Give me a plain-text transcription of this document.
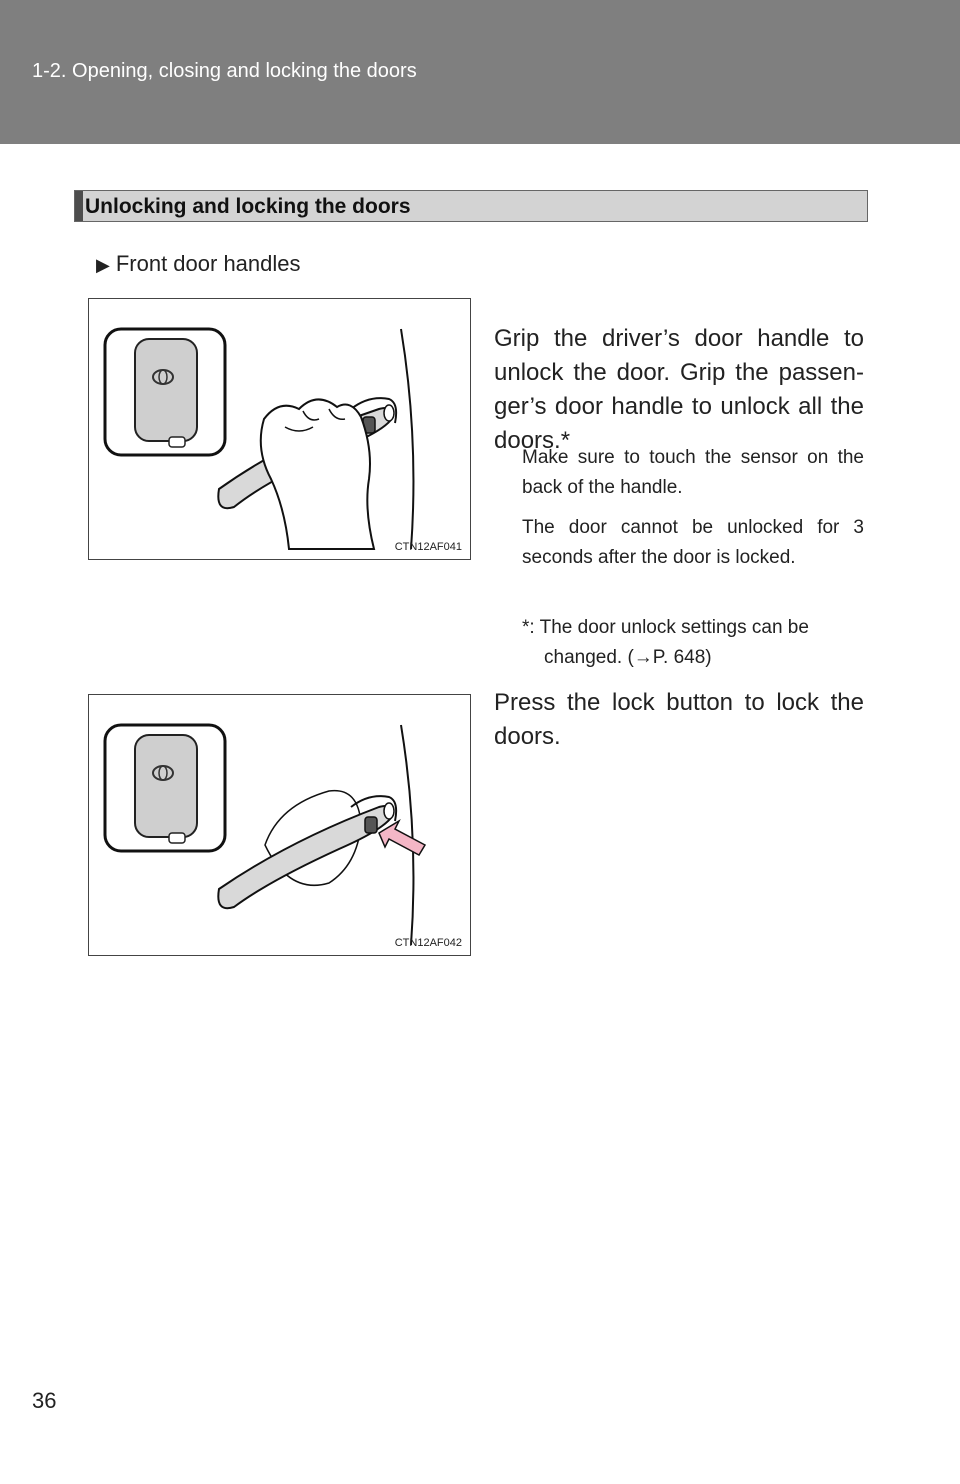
1-2. Opening, closing and locking the doors
Unlocking and locking the doors
▶ Front door handles
CTN12AF041
CTN12AF042
Grip the driver’s door handle to unlock the door. Grip the passen-ger’s door handle to unlock all the doors.*
Make sure to touch the sensor on the back of the handle.
The door cannot be unlocked for 3 seconds after the door is locked.
*: The door unlock settings can be changed. (→P. 648)
Press the lock button to lock the doors.
36
